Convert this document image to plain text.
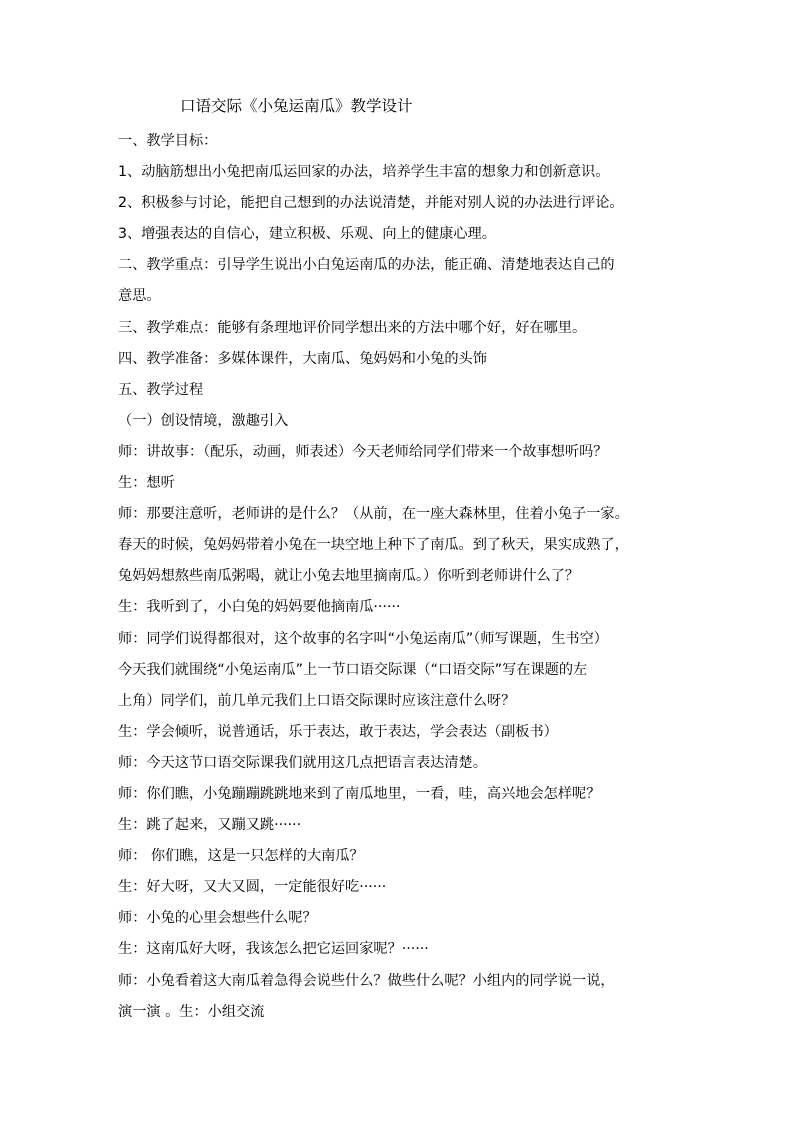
口语交际《小兔运南瓜》教学设计
一、教学目标：
1、动脑筋想出小兔把南瓜运回家的办法，培养学生丰富的想象力和创新意识。
2、积极参与讨论，能把自己想到的办法说清楚，并能对别人说的办法进行评论。
3、增强表达的自信心，建立积极、乐观、向上的健康心理。
二、教学重点：引导学生说出小白兔运南瓜的办法，能正确、清楚地表达自己的
意思。
三、教学难点：能够有条理地评价同学想出来的方法中哪个好，好在哪里。
四、教学准备：多媒体课件，大南瓜、兔妈妈和小兔的头饰
五、教学过程
（一）创设情境，激趣引入
师：讲故事：（配乐，动画，师表述）今天老师给同学们带来一个故事想听吗？
生：想听
师：那要注意听，老师讲的是什么？（从前，在一座大森林里，住着小兔子一家。
春天的时候，兔妈妈带着小兔在一块空地上种下了南瓜。到了秋天，果实成熟了，
兔妈妈想熬些南瓜粥喝，就让小兔去地里摘南瓜。）你听到老师讲什么了？
生：我听到了，小白兔的妈妈要他摘南瓜······
师：同学们说得都很对，这个故事的名字叫“小兔运南瓜”（师写课题，生书空）
今天我们就围绕“小兔运南瓜”上一节口语交际课（“口语交际”写在课题的左
上角）同学们，前几单元我们上口语交际课时应该注意什么呀？
生：学会倾听，说普通话，乐于表达，敢于表达，学会表达（副板书）
师：今天这节口语交际课我们就用这几点把语言表达清楚。
师：你们瞧，小兔蹦蹦跳跳地来到了南瓜地里，一看，哇，高兴地会怎样呢？
生：跳了起来，又蹦又跳······
师： 你们瞧，这是一只怎样的大南瓜？
生：好大呀，又大又圆，一定能很好吃······
师：小兔的心里会想些什么呢？
生：这南瓜好大呀，我该怎么把它运回家呢？······
师：小兔看着这大南瓜着急得会说些什么？做些什么呢？小组内的同学说一说，
演一演 。生：小组交流
